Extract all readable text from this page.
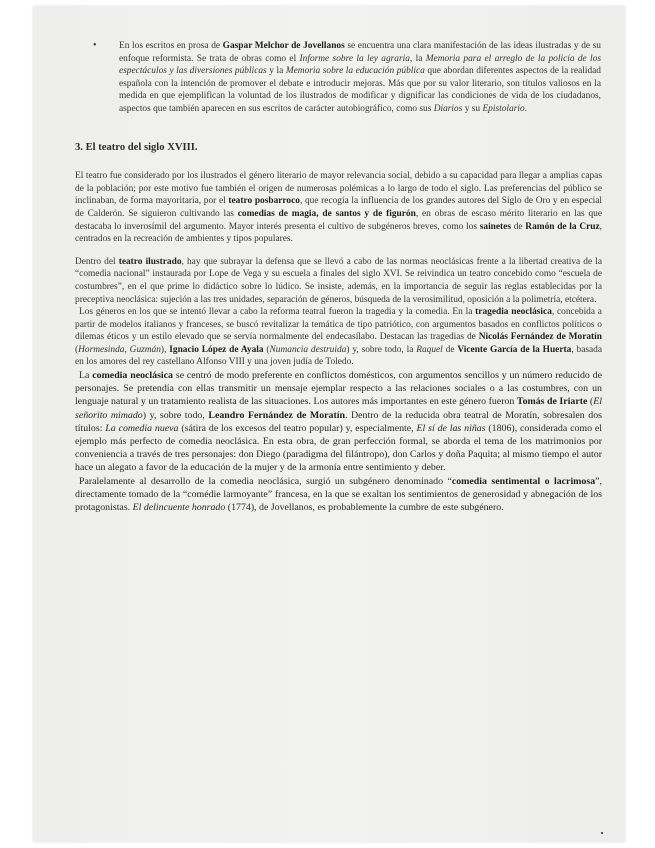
• En los escritos en prosa de Gaspar Melchor de Jovellanos se encuentra una clara manifestación de las ideas ilustradas y de su enfoque reformista. Se trata de obras como el Informe sobre la ley agraria, la Memoria para el arreglo de la policía de los espectáculos y las diversiones públicas y la Memoria sobre la educación pública que abordan diferentes aspectos de la realidad española con la intención de promover el debate e introducir mejoras. Más que por su valor literario, son títulos valiosos en la medida en que ejemplifican la voluntad de los ilustrados de modificar y dignificar las condiciones de vida de los ciudadanos, aspectos que también aparecen en sus escritos de carácter autobiográfico, como sus Diarios y su Epistolario.

3. El teatro del siglo XVIII.

El teatro fue considerado por los ilustrados el género literario de mayor relevancia social, debido a su capacidad para llegar a amplias capas de la población; por este motivo fue también el origen de numerosas polémicas a lo largo de todo el siglo. Las preferencias del público se inclinaban, de forma mayoritaria, por el teatro posbarroco, que recogía la influencia de los grandes autores del Siglo de Oro y en especial de Calderón. Se siguieron cultivando las comedias de magia, de santos y de figurón, en obras de escaso mérito literario en las que destacaba lo inverosímil del argumento. Mayor interés presenta el cultivo de subgéneros breves, como los sainetes de Ramón de la Cruz, centrados en la recreación de ambientes y tipos populares.

Dentro del teatro ilustrado, hay que subrayar la defensa que se llevó a cabo de las normas neoclásicas frente a la libertad creativa de la “comedia nacional” instaurada por Lope de Vega y su escuela a finales del siglo XVI. Se reivindica un teatro concebido como “escuela de costumbres”, en el que prime lo didáctico sobre lo lúdico. Se insiste, además, en la importancia de seguir las reglas establecidas por la preceptiva neoclásica: sujeción a las tres unidades, separación de géneros, búsqueda de la verosimilitud, oposición a la polimetría, etcétera.

Los géneros en los que se intentó llevar a cabo la reforma teatral fueron la tragedia y la comedia. En la tragedia neoclásica, concebida a partir de modelos italianos y franceses, se buscó revitalizar la temática de tipo patriótico, con argumentos basados en conflictos políticos o dilemas éticos y un estilo elevado que se servía normalmente del endecasílabo. Destacan las tragedias de Nicolás Fernández de Moratín (Hormesinda, Guzmán), Ignacio López de Ayala (Numancia destruida) y, sobre todo, la Raquel de Vicente García de la Huerta, basada en los amores del rey castellano Alfonso VIII y una joven judía de Toledo.

La comedia neoclásica se centró de modo preferente en conflictos domésticos, con argumentos sencillos y un número reducido de personajes. Se pretendía con ellas transmitir un mensaje ejemplar respecto a las relaciones sociales o a las costumbres, con un lenguaje natural y un tratamiento realista de las situaciones. Los autores más importantes en este género fueron Tomás de Iriarte (El señorito mimado) y, sobre todo, Leandro Fernández de Moratín. Dentro de la reducida obra teatral de Moratín, sobresalen dos títulos: La comedia nueva (sátira de los excesos del teatro popular) y, especialmente, El sí de las niñas (1806), considerada como el ejemplo más perfecto de comedia neoclásica. En esta obra, de gran perfección formal, se aborda el tema de los matrimonios por conveniencia a través de tres personajes: don Diego (paradigma del filántropo), don Carlos y doña Paquita; al mismo tiempo el autor hace un alegato a favor de la educación de la mujer y de la armonía entre sentimiento y deber.

Paralelamente al desarrollo de la comedia neoclásica, surgió un subgénero denominado “comedia sentimental o lacrimosa”, directamente tomado de la “comédie larmoyante” francesa, en la que se exaltan los sentimientos de generosidad y abnegación de los protagonistas. El delincuente honrado (1774), de Jovellanos, es probablemente la cumbre de este subgénero.
